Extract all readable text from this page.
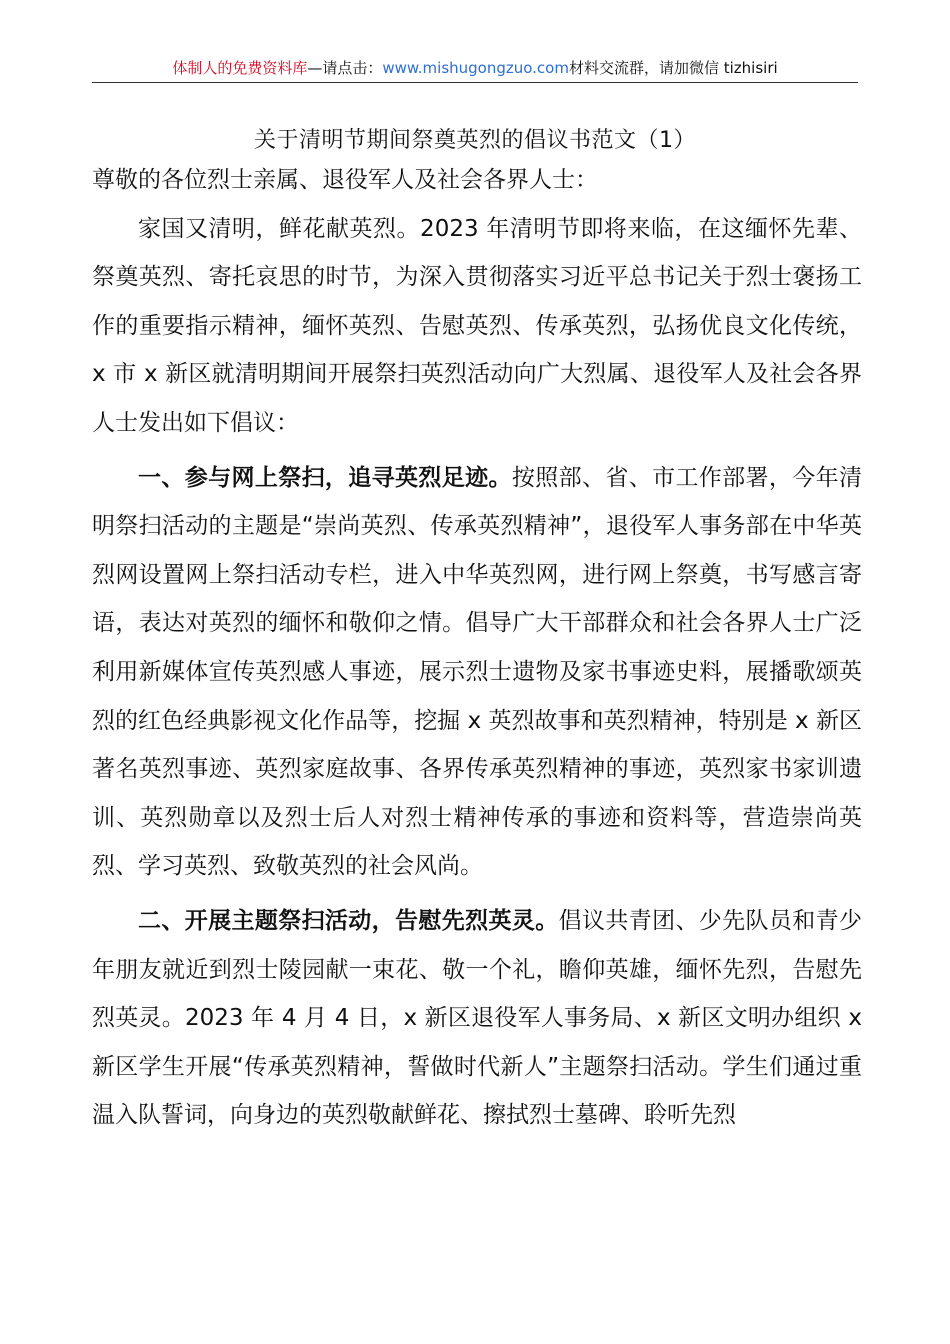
体制人的免费资料库—请点击：www.mishugongzuo.com材料交流群，请加微信 tizhisiri
关于清明节期间祭奠英烈的倡议书范文（1）

尊敬的各位烈士亲属、退役军人及社会各界人士：

家国又清明，鲜花献英烈。2023 年清明节即将来临，在这缅怀先辈、祭奠英烈、寄托哀思的时节，为深入贯彻落实习近平总书记关于烈士褒扬工作的重要指示精神，缅怀英烈、告慰英烈、传承英烈，弘扬优良文化传统，x 市 x 新区就清明期间开展祭扫英烈活动向广大烈属、退役军人及社会各界人士发出如下倡议：

一、参与网上祭扫，追寻英烈足迹。按照部、省、市工作部署，今年清明祭扫活动的主题是“崇尚英烈、传承英烈精神”，退役军人事务部在中华英烈网设置网上祭扫活动专栏，进入中华英烈网，进行网上祭奠，书写感言寄语，表达对英烈的缅怀和敬仰之情。倡导广大干部群众和社会各界人士广泛利用新媒体宣传英烈感人事迹，展示烈士遗物及家书事迹史料，展播歌颂英烈的红色经典影视文化作品等，挖掘 x 英烈故事和英烈精神，特别是 x 新区著名英烈事迹、英烈家庭故事、各界传承英烈精神的事迹，英烈家书家训遗训、英烈勋章以及烈士后人对烈士精神传承的事迹和资料等，营造崇尚英烈、学习英烈、致敬英烈的社会风尚。

二、开展主题祭扫活动，告慰先烈英灵。倡议共青团、少先队员和青少年朋友就近到烈士陵园献一束花、敬一个礼，瞻仰英雄，缅怀先烈，告慰先烈英灵。2023 年 4 月 4 日，x 新区退役军人事务局、x 新区文明办组织 x 新区学生开展“传承英烈精神，誓做时代新人”主题祭扫活动。学生们通过重温入队誓词，向身边的英烈敬献鲜花、擦拭烈士墓碑、聆听先烈
